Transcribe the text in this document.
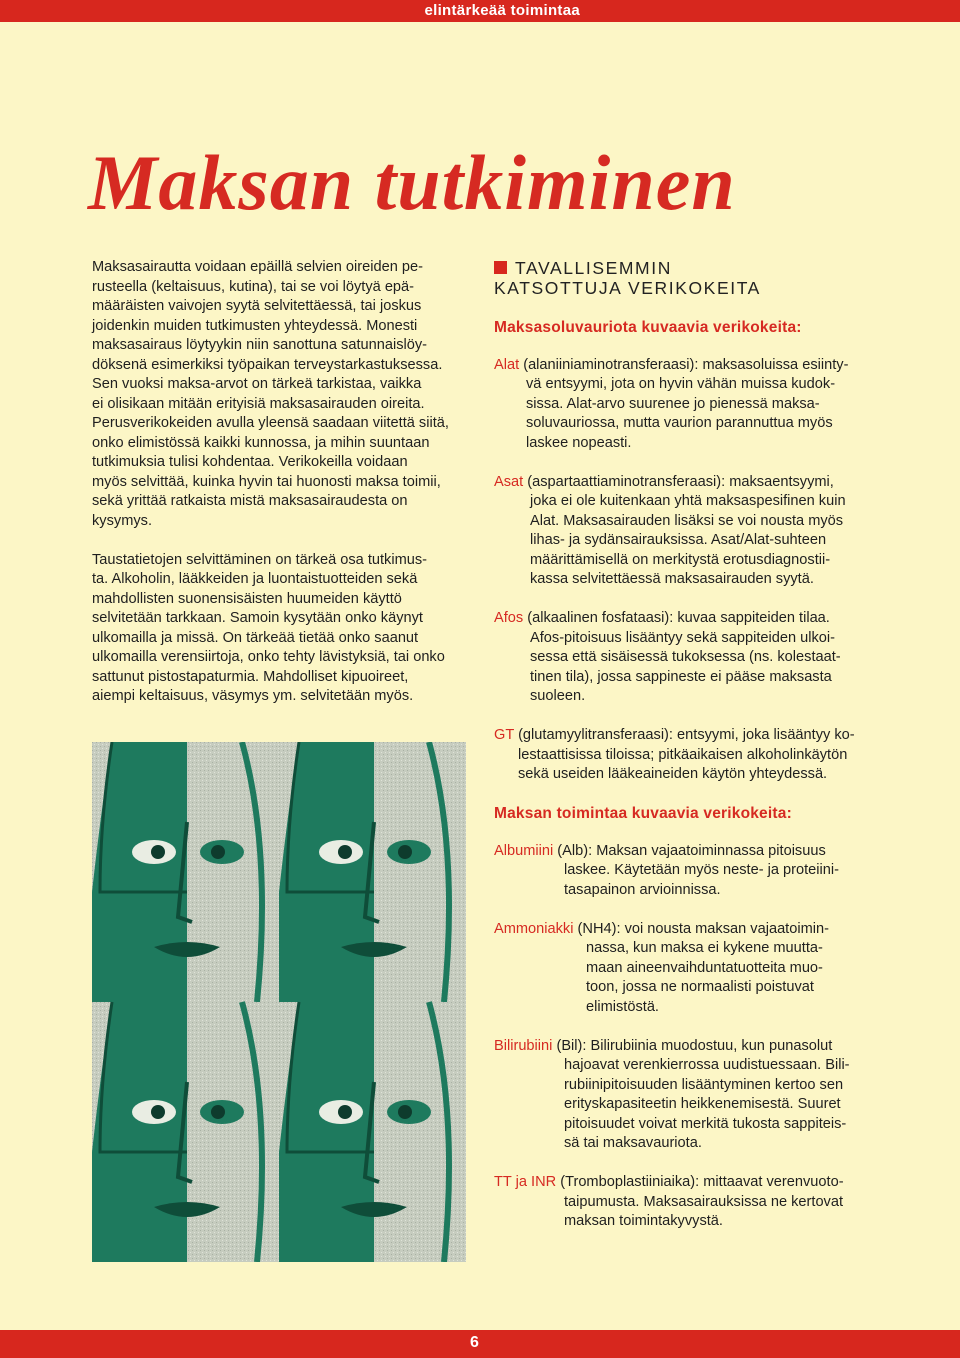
elintärkeää toimintaa
Maksan tutkiminen

Maksasairautta voidaan epäillä selvien oireiden pe-
rusteella (keltaisuus, kutina), tai se voi löytyä epä-
määräisten vaivojen syytä selvitettäessä, tai joskus
joidenkin muiden tutkimusten yhteydessä. Monesti
maksasairaus löytyykin niin sanottuna satunnaislöy-
döksenä esimerkiksi työpaikan terveystarkastuksessa.
Sen vuoksi maksa-arvot on tärkeä tarkistaa, vaikka
ei olisikaan mitään erityisiä maksasairauden oireita.
Perusverikokeiden avulla yleensä saadaan viitettä siitä,
onko elimistössä kaikki kunnossa, ja mihin suuntaan
tutkimuksia tulisi kohdentaa. Verikokeilla voidaan
myös selvittää, kuinka hyvin tai huonosti maksa toimii,
sekä yrittää ratkaista mistä maksasairaudesta on
kysymys.

Taustatietojen selvittäminen on tärkeä osa tutkimus-
ta. Alkoholin, lääkkeiden ja luontaistuotteiden sekä
mahdollisten suonensisäisten huumeiden käyttö
selvitetään tarkkaan. Samoin kysytään onko käynyt
ulkomailla ja missä. On tärkeää tietää onko saanut
ulkomailla verensiirtoja, onko tehty lävistyksiä, tai onko
sattunut pistostapaturmia. Mahdolliset kipuoireet,
aiempi keltaisuus, väsymys ym. selvitetään myös.

TAVALLISEMMIN
KATSOTTUJA VERIKOKEITA
Maksasoluvauriota kuvaavia verikokeita:
Alat (alaniiniaminotransferaasi): maksasoluissa esiinty-
vä entsyymi, jota on hyvin vähän muissa kudok-
sissa. Alat-arvo suurenee jo pienessä maksa-
soluvauriossa, mutta vaurion parannuttua myös
laskee nopeasti.
Asat (aspartaattiaminotransferaasi): maksaentsyymi,
joka ei ole kuitenkaan yhtä maksaspesifinen kuin
Alat. Maksasairauden lisäksi se voi nousta myös
lihas- ja sydänsairauksissa. Asat/Alat-suhteen
määrittämisellä on merkitystä erotusdiagnostii-
kassa selvitettäessä maksasairauden syytä.
Afos (alkaalinen fosfataasi): kuvaa sappiteiden tilaa.
Afos-pitoisuus lisääntyy sekä sappiteiden ulkoi-
sessa että sisäisessä tukoksessa (ns. kolestaat-
tinen tila), jossa sappineste ei pääse maksasta
suoleen.
GT (glutamyylitransferaasi): entsyymi, joka lisääntyy ko-
lestaattisissa tiloissa; pitkäaikaisen alkoholinkäytön
sekä useiden lääkeaineiden käytön yhteydessä.
Maksan toimintaa kuvaavia verikokeita:
Albumiini (Alb): Maksan vajaatoiminnassa pitoisuus
laskee. Käytetään myös neste- ja proteiini-
tasapainon arvioinnissa.
Ammoniakki (NH4): voi nousta maksan vajaatoimin-
nassa, kun maksa ei kykene muutta-
maan aineenvaihduntatuotteita muo-
toon, jossa ne normaalisti poistuvat
elimistöstä.
Bilirubiini (Bil): Bilirubiinia muodostuu, kun punasolut
hajoavat verenkierrossa uudistuessaan. Bili-
rubiinipitoisuuden lisääntyminen kertoo sen
erityskapasiteetin heikkenemisestä. Suuret
pitoisuudet voivat merkitä tukosta sappiteis-
sä tai maksavauriota.
TT ja INR (Tromboplastiiniaika): mittaavat verenvuoto-
taipumusta. Maksasairauksissa ne kertovat
maksan toimintakyvystä.
6
